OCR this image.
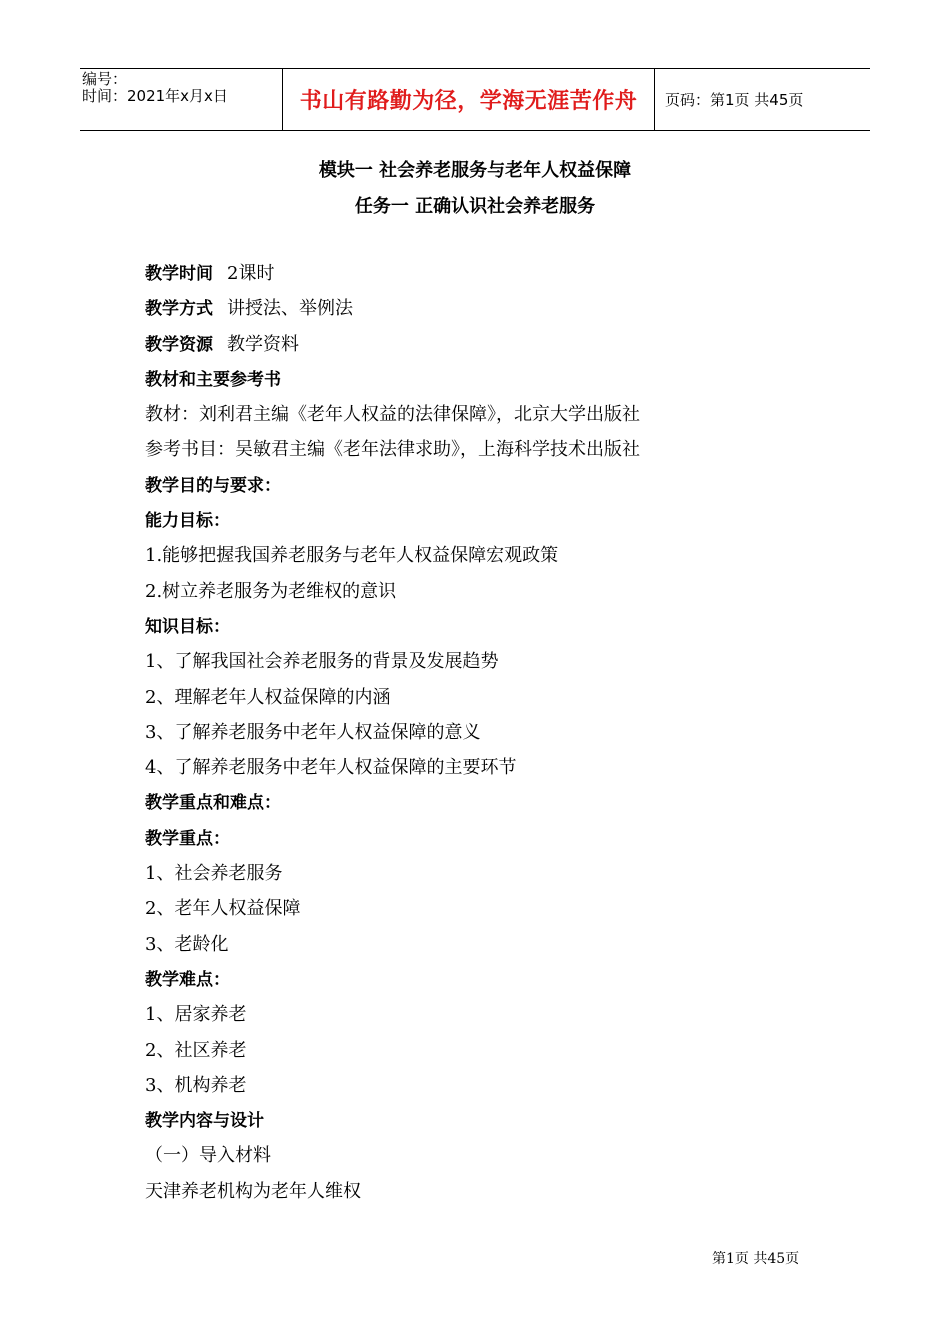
编号：
时间：2021年x月x日	书山有路勤为径，学海无涯苦作舟	页码：第1页 共45页
模块一 社会养老服务与老年人权益保障
任务一 正确认识社会养老服务
教学时间 2课时
教学方式 讲授法、举例法
教学资源 教学资料
教材和主要参考书
教材：刘利君主编《老年人权益的法律保障》，北京大学出版社
参考书目：吴敏君主编《老年法律求助》，上海科学技术出版社
教学目的与要求：
能力目标：
1.能够把握我国养老服务与老年人权益保障宏观政策
2.树立养老服务为老维权的意识
知识目标：
1、了解我国社会养老服务的背景及发展趋势
2、理解老年人权益保障的内涵
3、了解养老服务中老年人权益保障的意义
4、了解养老服务中老年人权益保障的主要环节
教学重点和难点：
教学重点：
1、社会养老服务
2、老年人权益保障
3、老龄化
教学难点：
1、居家养老
2、社区养老
3、机构养老
教学内容与设计
（一）导入材料
天津养老机构为老年人维权
第1页 共45页
